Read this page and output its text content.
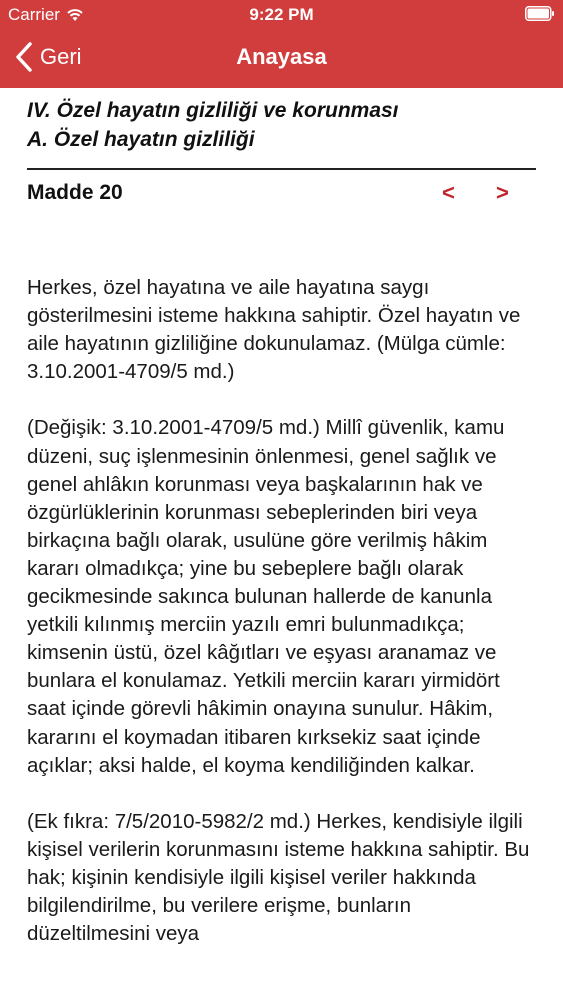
Carrier	9:22 PM
Geri	Anayasa
IV. Özel hayatın gizliliği ve korunması
A. Özel hayatın gizliliği
Madde 20	< >

Herkes, özel hayatına ve aile hayatına saygı gösterilmesini isteme hakkına sahiptir. Özel hayatın ve aile hayatının gizliliğine dokunulamaz. (Mülga cümle: 3.10.2001-4709/5 md.)

(Değişik: 3.10.2001-4709/5 md.) Millî güvenlik, kamu düzeni, suç işlenmesinin önlenmesi, genel sağlık ve genel ahlâkın korunması veya başkalarının hak ve özgürlüklerinin korunması sebeplerinden biri veya birkaçına bağlı olarak, usulüne göre verilmiş hâkim kararı olmadıkça; yine bu sebeplere bağlı olarak gecikmesinde sakınca bulunan hallerde de kanunla yetkili kılınmış merciin yazılı emri bulunmadıkça; kimsenin üstü, özel kâğıtları ve eşyası aranamaz ve bunlara el konulamaz. Yetkili merciin kararı yirmidört saat içinde görevli hâkimin onayına sunulur. Hâkim, kararını el koymadan itibaren kırksekiz saat içinde açıklar; aksi halde, el koyma kendiliğinden kalkar.

(Ek fıkra: 7/5/2010-5982/2 md.) Herkes, kendisiyle ilgili kişisel verilerin korunmasını isteme hakkına sahiptir. Bu hak; kişinin kendisiyle ilgili kişisel veriler hakkında bilgilendirilme, bu verilere erişme, bunların düzeltilmesini veya
